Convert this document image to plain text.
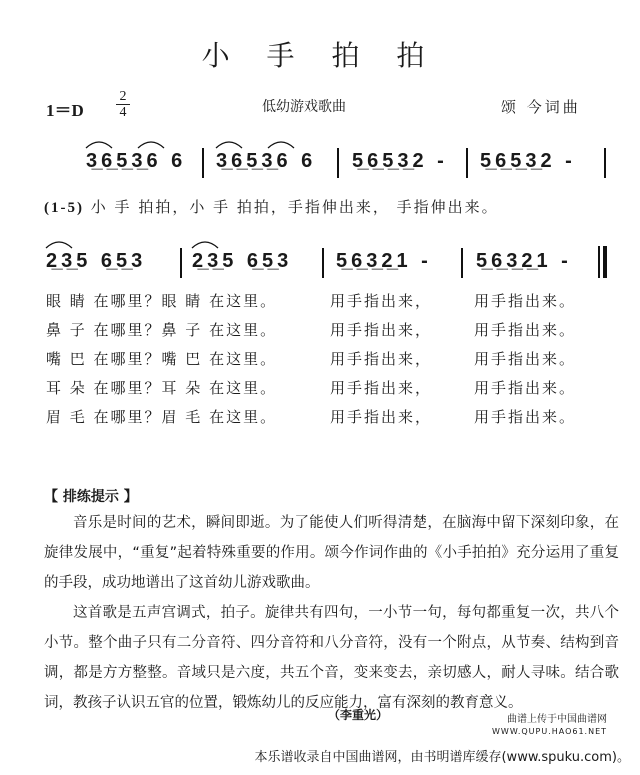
小 手 拍 拍
1＝D
2
4	低幼游戏歌曲	颂 今词曲
3̲6̲5̲3̲6 6 3̲6̲5̲3̲6 6 5̲6̲5̲3̲2 - 5̲6̲5̲3̲2 -
(1-5) 小 手 拍拍，小 手 拍拍，手指伸出来， 手指伸出来。
2̲3̲5 6̲5̲3 2̲3̲5 6̲5̲3 5̲6̲3̲2̲1 - 5̲6̲3̲2̲1 -
眼 睛 在哪里？眼 睛 在这里。	用手指出来，	用手指出来。
鼻 子 在哪里？鼻 子 在这里。	用手指出来，	用手指出来。
嘴 巴 在哪里？嘴 巴 在这里。	用手指出来，	用手指出来。
耳 朵 在哪里？耳 朵 在这里。	用手指出来，	用手指出来。
眉 毛 在哪里？眉 毛 在这里。	用手指出来，	用手指出来。
【 排练提示 】

音乐是时间的艺术，瞬间即逝。为了能使人们听得清楚，在脑海中留下深刻印象，在旋律发展中，“重复”起着特殊重要的作用。颂今作词作曲的《小手拍拍》充分运用了重复的手段，成功地谱出了这首幼儿游戏歌曲。

这首歌是五声宫调式，拍子。旋律共有四句，一小节一句，每句都重复一次，共八个小节。整个曲子只有二分音符、四分音符和八分音符，没有一个附点，从节奏、结构到音调，都是方方整整。音域只是六度，共五个音，变来变去，亲切感人，耐人寻味。结合歌词，教孩子认识五官的位置，锻炼幼儿的反应能力，富有深刻的教育意义。

（李重光）	曲谱上传于中国曲谱网
WWW.QUPU.HAO61.NET
本乐谱收录自中国曲谱网，由书明谱库缓存(www.spuku.com)。
